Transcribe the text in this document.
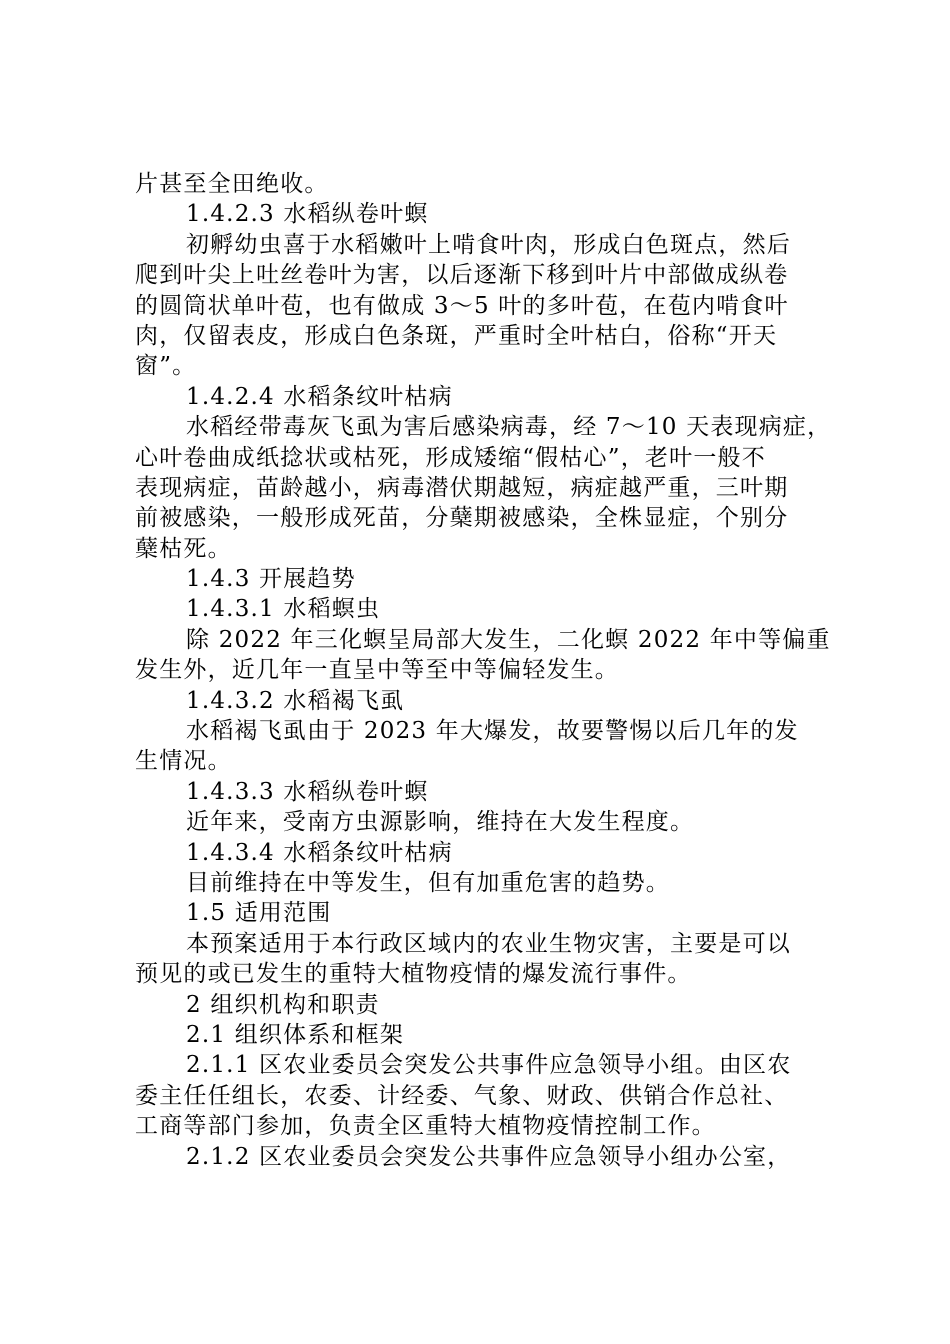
片甚至全田绝收。
1.4.2.3 水稻纵卷叶螟
初孵幼虫喜于水稻嫩叶上啃食叶肉，形成白色斑点，然后
爬到叶尖上吐丝卷叶为害，以后逐渐下移到叶片中部做成纵卷
的圆筒状单叶苞，也有做成 3～5 叶的多叶苞，在苞内啃食叶
肉，仅留表皮，形成白色条斑，严重时全叶枯白，俗称“开天
窗”。
1.4.2.4 水稻条纹叶枯病
水稻经带毒灰飞虱为害后感染病毒，经 7～10 天表现病症，
心叶卷曲成纸捻状或枯死，形成矮缩“假枯心”，老叶一般不
表现病症，苗龄越小，病毒潜伏期越短，病症越严重，三叶期
前被感染，一般形成死苗，分蘖期被感染，全株显症，个别分
蘖枯死。
1.4.3 开展趋势
1.4.3.1 水稻螟虫
除 2022 年三化螟呈局部大发生，二化螟 2022 年中等偏重
发生外，近几年一直呈中等至中等偏轻发生。
1.4.3.2 水稻褐飞虱
水稻褐飞虱由于 2023 年大爆发，故要警惕以后几年的发
生情况。
1.4.3.3 水稻纵卷叶螟
近年来，受南方虫源影响，维持在大发生程度。
1.4.3.4 水稻条纹叶枯病
目前维持在中等发生，但有加重危害的趋势。
1.5 适用范围
本预案适用于本行政区域内的农业生物灾害，主要是可以
预见的或已发生的重特大植物疫情的爆发流行事件。
2 组织机构和职责
2.1 组织体系和框架
2.1.1 区农业委员会突发公共事件应急领导小组。由区农
委主任任组长，农委、计经委、气象、财政、供销合作总社、
工商等部门参加，负责全区重特大植物疫情控制工作。
2.1.2 区农业委员会突发公共事件应急领导小组办公室，
